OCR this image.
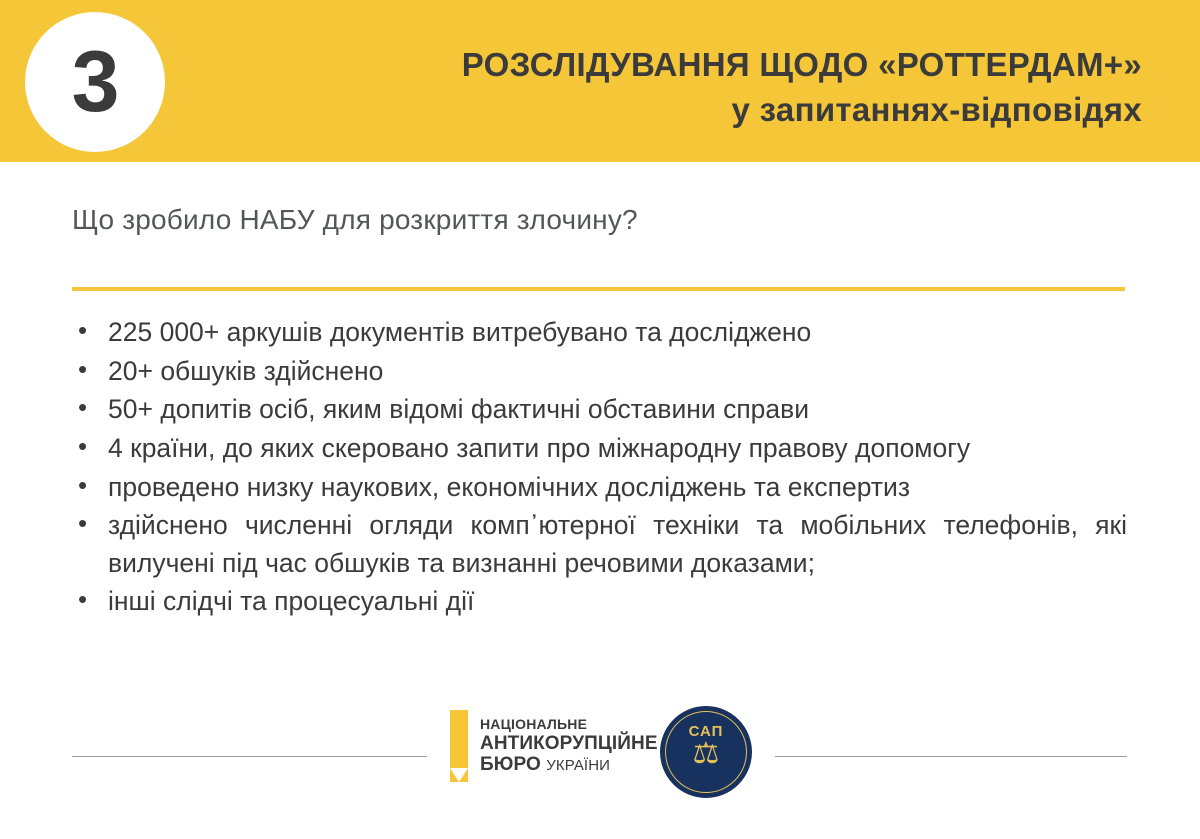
3	РОЗСЛІДУВАННЯ ЩОДО «РОТТЕРДАМ+»
у запитаннях-відповідях
Що зробило НАБУ для розкриття злочину?
• 225 000+ аркушів документів витребувано та досліджено
• 20+ обшуків здійснено
• 50+ допитів осіб, яким відомі фактичні обставини справи
• 4 країни, до яких скеровано запити про міжнародну правову допомогу
• проведено низку наукових, економічних досліджень та експертиз
• здійснено численні огляди комп᾿ютерної техніки та мобільних телефонів, які вилучені під час обшуків та визнанні речовими доказами;
• інші слідчі та процесуальні дії
НАЦІОНАЛЬНЕ
АНТИКОРУПЦІЙНЕ
БЮРО УКРАЇНИ
САП
⚖
